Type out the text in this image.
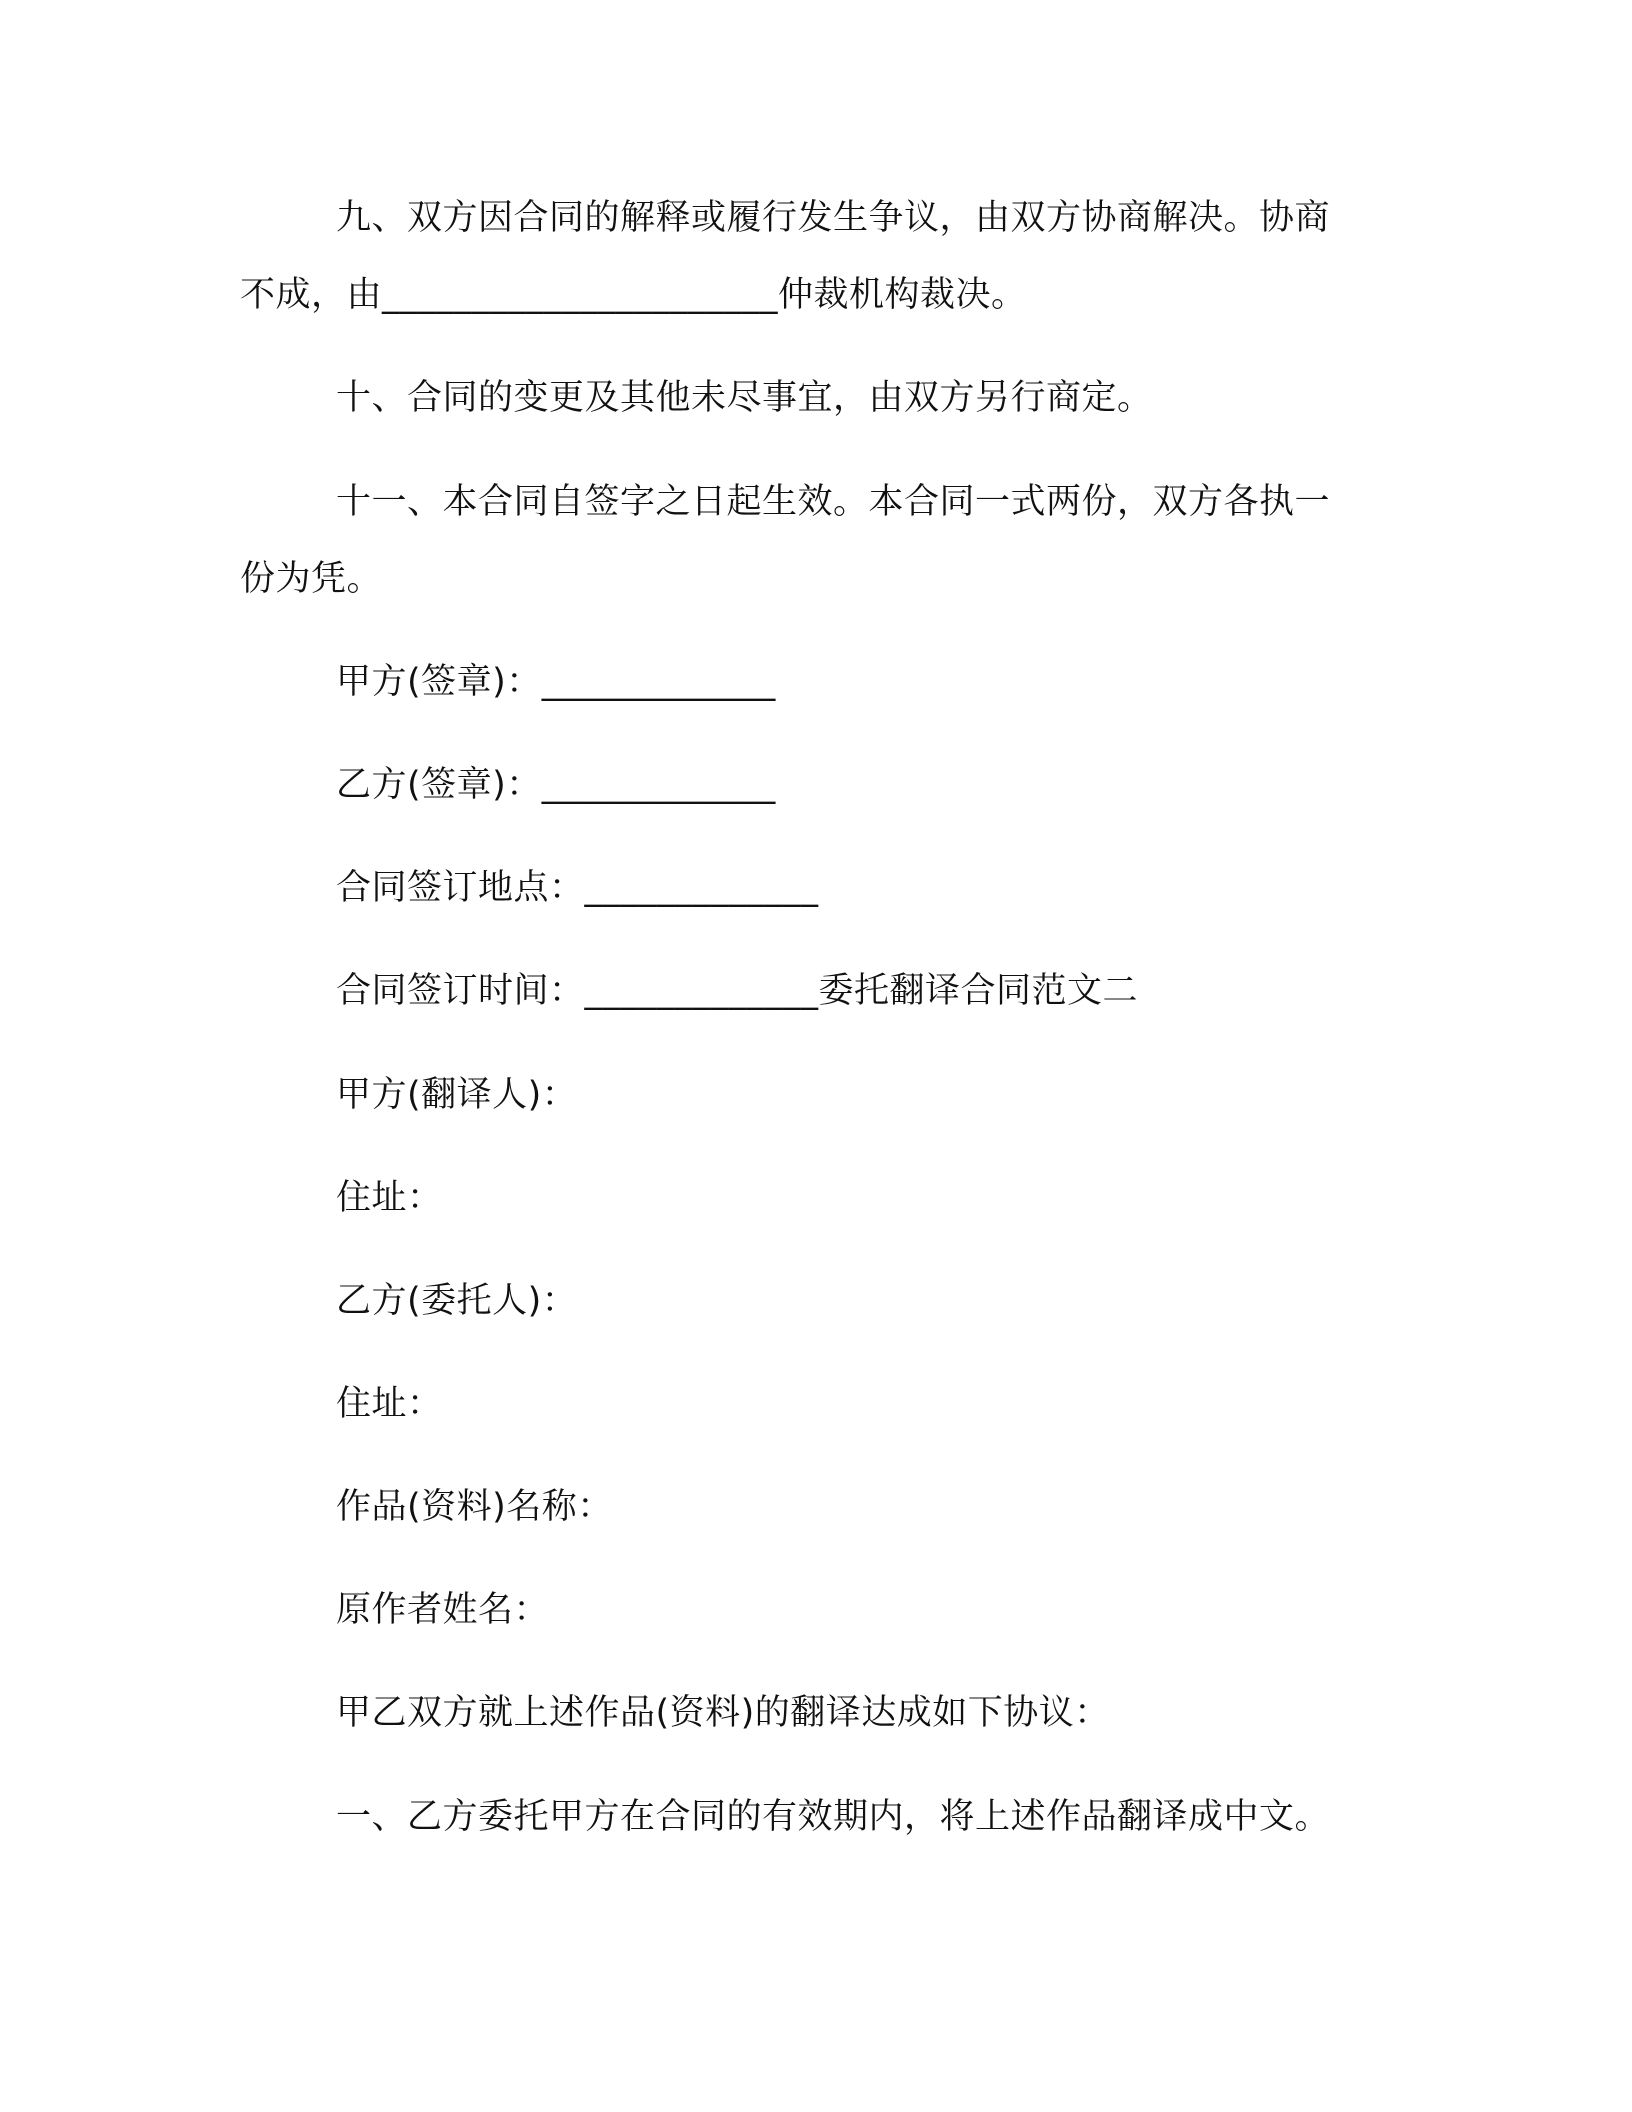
九、双方因合同的解释或履行发生争议，由双方协商解决。协商
不成，由______________________仲裁机构裁决。
十、合同的变更及其他未尽事宜，由双方另行商定。
十一、本合同自签字之日起生效。本合同一式两份，双方各执一
份为凭。
甲方(签章)：_____________
乙方(签章)：_____________
合同签订地点：_____________
合同签订时间：_____________委托翻译合同范文二
甲方(翻译人)：
住址：
乙方(委托人)：
住址：
作品(资料)名称：
原作者姓名：
甲乙双方就上述作品(资料)的翻译达成如下协议：
一、乙方委托甲方在合同的有效期内，将上述作品翻译成中文。
